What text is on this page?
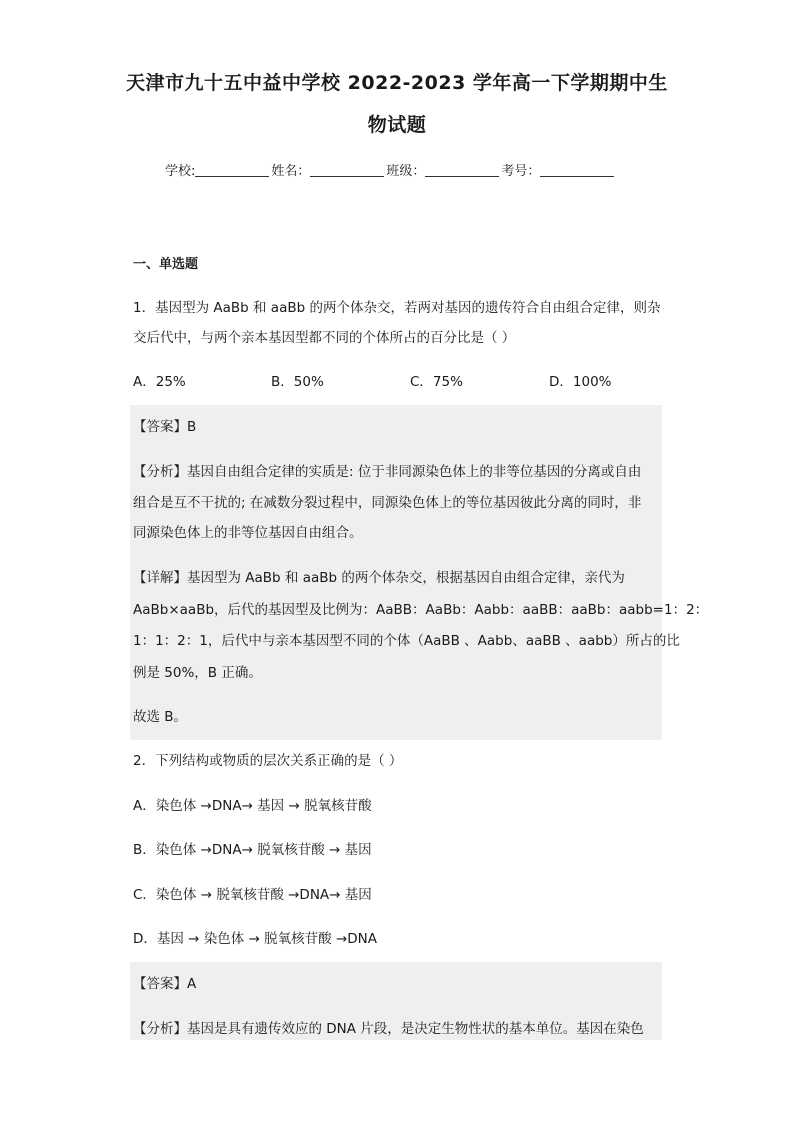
天津市九十五中益中学校 2022-2023 学年高一下学期期中生
物试题
学校:	姓名：	班级：	考号：
一、单选题
1．基因型为 AaBb 和 aaBb 的两个体杂交，若两对基因的遗传符合自由组合定律，则杂
交后代中，与两个亲本基因型都不同的个体所占的百分比是（ ）
A．25%	B．50%	C．75%	D．100%
【答案】B
【分析】基因自由组合定律的实质是: 位于非同源染色体上的非等位基因的分离或自由
组合是互不干扰的; 在减数分裂过程中，同源染色体上的等位基因彼此分离的同时，非
同源染色体上的非等位基因自由组合。
【详解】基因型为 AaBb 和 aaBb 的两个体杂交，根据基因自由组合定律，亲代为
AaBb×aaBb，后代的基因型及比例为：AaBB：AaBb：Aabb：aaBB：aaBb：aabb=1：2：
1：1：2：1，后代中与亲本基因型不同的个体（AaBB 、Aabb、aaBB 、aabb）所占的比
例是 50%，B 正确。
故选 B。
2．下列结构或物质的层次关系正确的是（ ）
A．染色体 →DNA→ 基因 → 脱氧核苷酸
B．染色体 →DNA→ 脱氧核苷酸 → 基因
C．染色体 → 脱氧核苷酸 →DNA→ 基因
D．基因 → 染色体 → 脱氧核苷酸 →DNA
【答案】A
【分析】基因是具有遗传效应的 DNA 片段，是决定生物性状的基本单位。基因在染色
